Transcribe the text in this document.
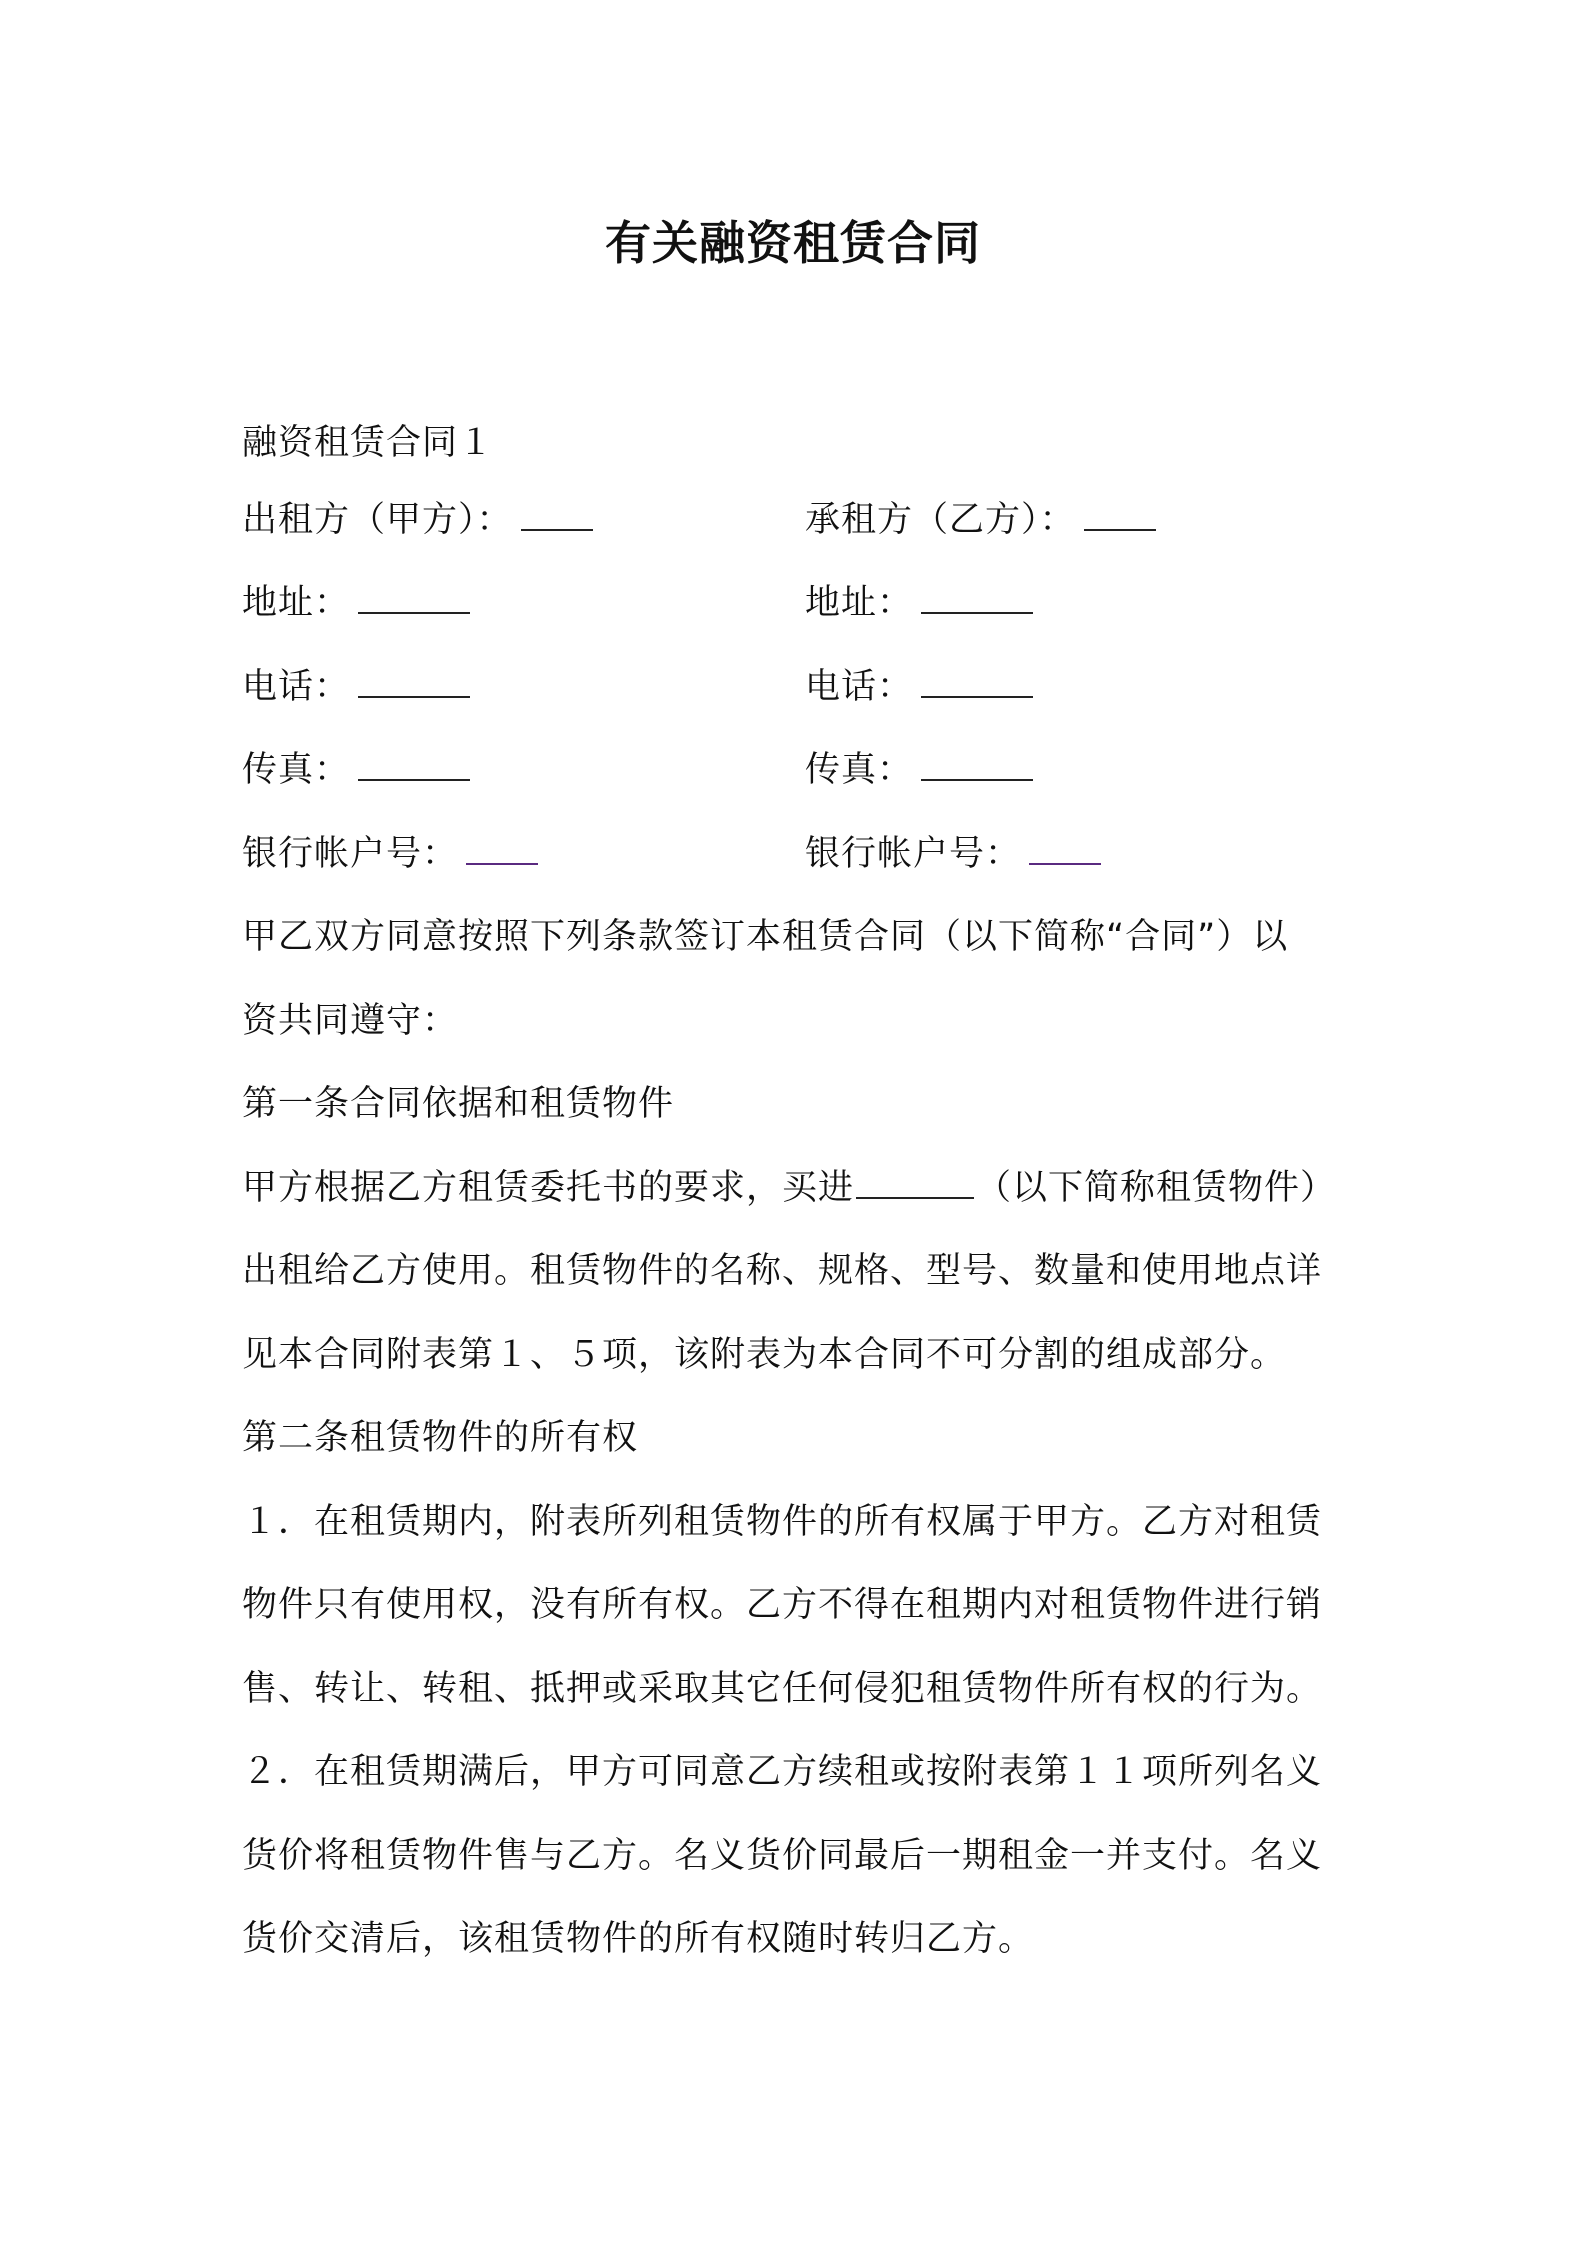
有关融资租赁合同
融资租赁合同１
出租方（甲方）：
地址：
电话：
传真：
银行帐户号：
承租方（乙方）：
地址：
电话：
传真：
银行帐户号：
甲乙双方同意按照下列条款签订本租赁合同（以下简称“合同”）以
资共同遵守：
第一条合同依据和租赁物件
甲方根据乙方租赁委托书的要求，买进	（以下简称租赁物件）
出租给乙方使用。租赁物件的名称、规格、型号、数量和使用地点详
见本合同附表第１、５项，该附表为本合同不可分割的组成部分。
第二条租赁物件的所有权
１．在租赁期内，附表所列租赁物件的所有权属于甲方。乙方对租赁
物件只有使用权，没有所有权。乙方不得在租期内对租赁物件进行销
售、转让、转租、抵押或采取其它任何侵犯租赁物件所有权的行为。
２．在租赁期满后，甲方可同意乙方续租或按附表第１１项所列名义
货价将租赁物件售与乙方。名义货价同最后一期租金一并支付。名义
货价交清后，该租赁物件的所有权随时转归乙方。
